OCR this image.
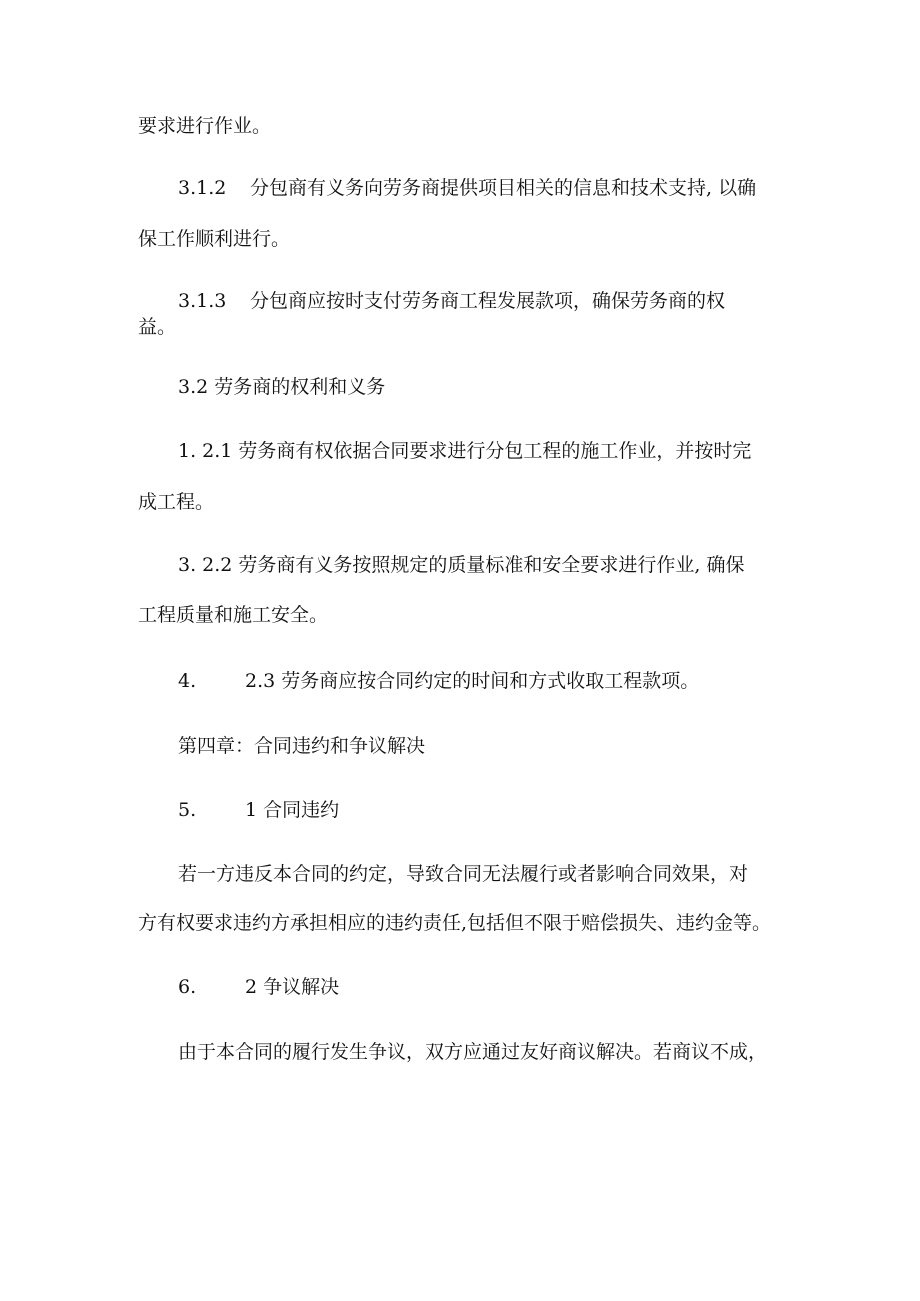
要求进行作业。
3.1.2 分包商有义务向劳务商提供项目相关的信息和技术支持, 以确
保工作顺利进行。
3.1.3 分包商应按时支付劳务商工程发展款项，确保劳务商的权
益。
3.2 劳务商的权利和义务
1. 2.1 劳务商有权依据合同要求进行分包工程的施工作业，并按时完
成工程。
3. 2.2 劳务商有义务按照规定的质量标准和安全要求进行作业, 确保
工程质量和施工安全。
4.	2.3 劳务商应按合同约定的时间和方式收取工程款项。
第四章：合同违约和争议解决
5.	1 合同违约
若一方违反本合同的约定，导致合同无法履行或者影响合同效果，对
方有权要求违约方承担相应的违约责任,包括但不限于赔偿损失、违约金等。
6.	2 争议解决
由于本合同的履行发生争议，双方应通过友好商议解决。若商议不成，
